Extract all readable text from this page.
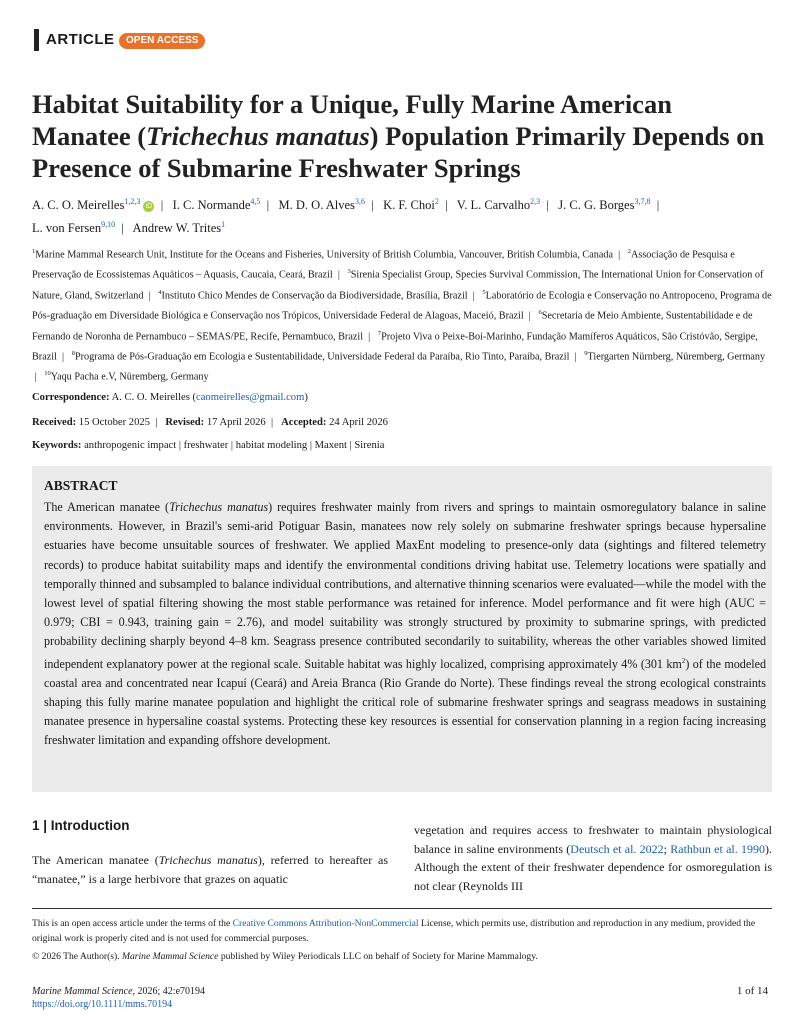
ARTICLE	OPEN ACCESS
Habitat Suitability for a Unique, Fully Marine American Manatee (Trichechus manatus) Population Primarily Depends on Presence of Submarine Freshwater Springs
A. C. O. Meirelles$^{1,2,3}$ iD  |   I. C. Normande$^{4,5}$  |   M. D. O. Alves$^{3,6}$  |   K. F. Choi$^2$  |   V. L. Carvalho$^{2,3}$  |   J. C. G. Borges$^{3,7,8}$  |
L. von Fersen$^{9,10}$  |   Andrew W. Trites$^1$
$^1$Marine Mammal Research Unit, Institute for the Oceans and Fisheries, University of British Columbia, Vancouver, British Columbia, Canada  |   $^2$Associação de Pesquisa e Preservação de Ecossistemas Aquáticos – Aquasis, Caucaia, Ceará, Brazil  |   $^3$Sirenia Specialist Group, Species Survival Commission, The International Union for Conservation of Nature, Gland, Switzerland  |   $^4$Instituto Chico Mendes de Conservação da Biodiversidade, Brasília, Brazil  |   $^5$Laboratório de Ecologia e Conservação no Antropoceno, Programa de Pós-graduação em Diversidade Biológica e Conservação nos Trópicos, Universidade Federal de Alagoas, Maceió, Brazil  |   $^6$Secretaria de Meio Ambiente, Sustentabilidade e de Fernando de Noronha de Pernambuco – SEMAS/PE, Recife, Pernambuco, Brazil  |   $^7$Projeto Viva o Peixe-Boi-Marinho, Fundação Mamíferos Aquáticos, São Cristóvão, Sergipe, Brazil  |   $^8$Programa de Pós-Graduação em Ecologia e Sustentabilidade, Universidade Federal da Paraíba, Rio Tinto, Paraíba, Brazil  |   $^9$Tiergarten Nürnberg, Nüremberg, Germany  |   $^{10}$Yaqu Pacha e.V, Nüremberg, Germany
Correspondence: A. C. O. Meirelles (caomeirelles@gmail.com)
Received: 15 October 2025  |   Revised: 17 April 2026  |   Accepted: 24 April 2026
Keywords: anthropogenic impact | freshwater | habitat modeling | Maxent | Sirenia
ABSTRACT
The American manatee (Trichechus manatus) requires freshwater mainly from rivers and springs to maintain osmoregulatory balance in saline environments. However, in Brazil's semi-arid Potiguar Basin, manatees now rely solely on submarine freshwater springs because hypersaline estuaries have become unsuitable sources of freshwater. We applied MaxEnt modeling to presence-only data (sightings and filtered telemetry records) to produce habitat suitability maps and identify the environmental conditions driving habitat use. Telemetry locations were spatially and temporally thinned and subsampled to balance individual contributions, and alternative thinning scenarios were evaluated—while the model with the lowest level of spatial filtering showing the most stable performance was retained for inference. Model performance and fit were high (AUC = 0.979; CBI = 0.943, training gain = 2.76), and model suitability was strongly structured by proximity to submarine springs, with predicted probability declining sharply beyond 4–8 km. Seagrass presence contributed secondarily to suitability, whereas the other variables showed limited independent explanatory power at the regional scale. Suitable habitat was highly localized, comprising approximately 4% (301 $km^2$) of the modeled coastal area and concentrated near Icapuí (Ceará) and Areia Branca (Rio Grande do Norte). These findings reveal the strong ecological constraints shaping this fully marine manatee population and highlight the critical role of submarine freshwater springs and seagrass meadows in sustaining manatee presence in hypersaline coastal systems. Protecting these key resources is essential for conservation planning in a region facing increasing freshwater limitation and expanding offshore development.
1 | Introduction
The American manatee (Trichechus manatus), referred to hereafter as “manatee,” is a large herbivore that grazes on aquatic
vegetation and requires access to freshwater to maintain physiological balance in saline environments (Deutsch et al. 2022; Rathbun et al. 1990). Although the extent of their freshwater dependence for osmoregulation is not clear (Reynolds III
This is an open access article under the terms of the Creative Commons Attribution-NonCommercial License, which permits use, distribution and reproduction in any medium, provided the original work is properly cited and is not used for commercial purposes.
© 2026 The Author(s). Marine Mammal Science published by Wiley Periodicals LLC on behalf of Society for Marine Mammalogy.
Marine Mammal Science, 2026; 42:e70194
https://doi.org/10.1111/mms.70194
1 of 14
